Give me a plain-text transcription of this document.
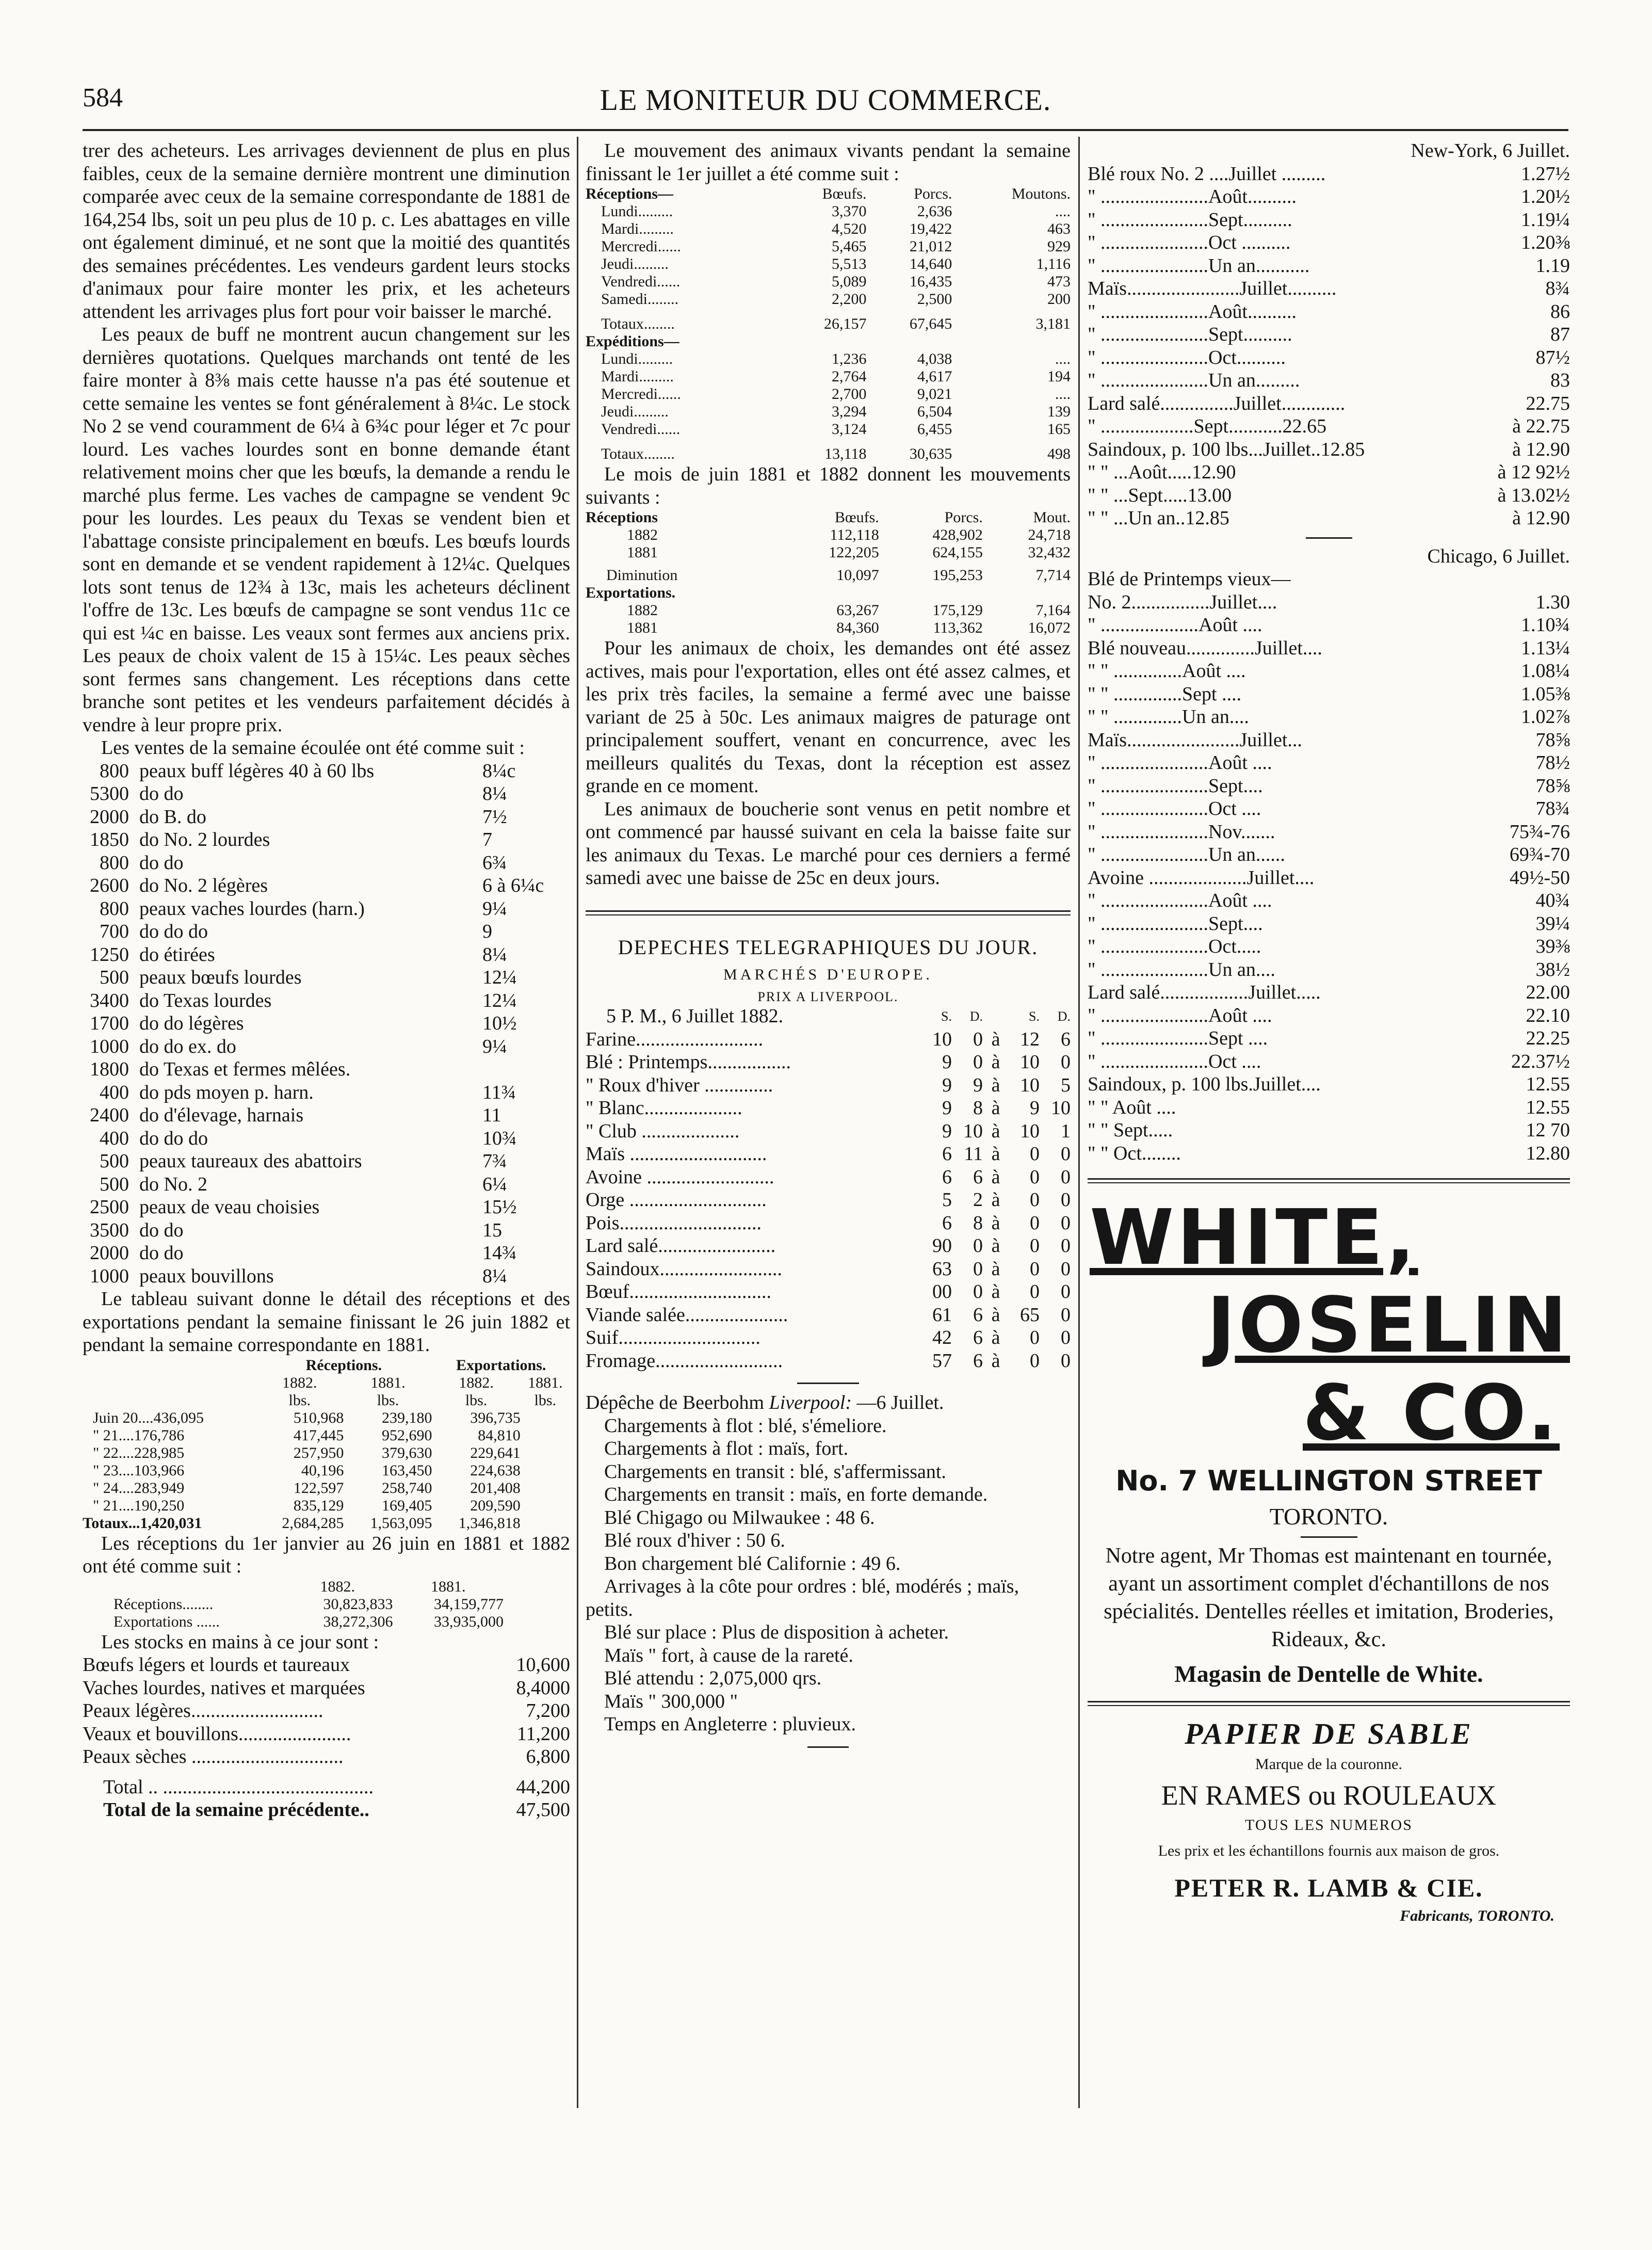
584	LE MONITEUR DU COMMERCE.

trer des acheteurs. Les arrivages deviennent de plus en plus faibles, ceux de la semaine dernière montrent une diminution comparée avec ceux de la semaine correspondante de 1881 de 164,254 lbs, soit un peu plus de 10 p. c. Les abattages en ville ont également diminué, et ne sont que la moitié des quantités des semaines précédentes. Les vendeurs gardent leurs stocks d'animaux pour faire monter les prix, et les acheteurs attendent les arrivages plus fort pour voir baisser le marché.

Les peaux de buff ne montrent aucun changement sur les dernières quotations. Quelques marchands ont tenté de les faire monter à 8⅜ mais cette hausse n'a pas été soutenue et cette semaine les ventes se font généralement à 8¼c. Le stock No 2 se vend couramment de 6¼ à 6¾c pour léger et 7c pour lourd. Les vaches lourdes sont en bonne demande étant relativement moins cher que les bœufs, la demande a rendu le marché plus ferme. Les vaches de campagne se vendent 9c pour les lourdes. Les peaux du Texas se vendent bien et l'abattage consiste principalement en bœufs. Les bœufs lourds sont en demande et se vendent rapidement à 12¼c. Quelques lots sont tenus de 12¾ à 13c, mais les acheteurs déclinent l'offre de 13c. Les bœufs de campagne se sont vendus 11c ce qui est ¼c en baisse. Les veaux sont fermes aux anciens prix. Les peaux de choix valent de 15 à 15¼c. Les peaux sèches sont fermes sans changement. Les réceptions dans cette branche sont petites et les vendeurs parfaitement décidés à vendre à leur propre prix.

Les ventes de la semaine écoulée ont été comme suit :

800	peaux buff légères 40 à 60 lbs	8¼c
5300	do do	8¼
2000	do B. do	7½
1850	do No. 2 lourdes	7
800	do do	6¾
2600	do No. 2 légères	6 à 6¼c
800	peaux vaches lourdes (harn.)	9¼
700	do do do	9
1250	do étirées	8¼
500	peaux bœufs lourdes	12¼
3400	do Texas lourdes	12¼
1700	do do légères	10½
1000	do do ex. do	9¼
1800	do Texas et fermes mêlées.	
400	do pds moyen p. harn.	11¾
2400	do d'élevage, harnais	11
400	do do do	10¾
500	peaux taureaux des abattoirs	7¾
500	do No. 2	6¼
2500	peaux de veau choisies	15½
3500	do do	15
2000	do do	14¾
1000	peaux bouvillons	8¼

Le tableau suivant donne le détail des réceptions et des exportations pendant la semaine finissant le 26 juin 1882 et pendant la semaine correspondante en 1881.

	Réceptions.		Exportations.	
	1882.	1881.	1882.	1881.
	lbs.	lbs.	lbs.	lbs.
Juin 20....436,095	510,968	239,180	396,735	
" 21....176,786	417,445	952,690	84,810	
" 22....228,985	257,950	379,630	229,641	
" 23....103,966	40,196	163,450	224,638	
" 24....283,949	122,597	258,740	201,408	
" 21....190,250	835,129	169,405	209,590	
Totaux...1,420,031	2,684,285	1,563,095	1,346,818	

Les réceptions du 1er janvier au 26 juin en 1881 et 1882 ont été comme suit :

	1882.	1881.
Réceptions........	30,823,833	34,159,777
Exportations ......	38,272,306	33,935,000

Les stocks en mains à ce jour sont :

Bœufs légers et lourds et taureaux	10,600
Vaches lourdes, natives et marquées	8,4000
Peaux légères...........................	7,200
Veaux et bouvillons.......................	11,200
Peaux sèches ...............................	6,800
Total .. ...........................................	44,200
Total de la semaine précédente..	47,500

Le mouvement des animaux vivants pendant la semaine finissant le 1er juillet a été comme suit :

Réceptions—	Bœufs.	Porcs.	Moutons.
Lundi.........	3,370	2,636	....
Mardi.........	4,520	19,422	463
Mercredi......	5,465	21,012	929
Jeudi.........	5,513	14,640	1,116
Vendredi......	5,089	16,435	473
Samedi........	2,200	2,500	200
Totaux........	26,157	67,645	3,181
Expéditions—			
Lundi.........	1,236	4,038	....
Mardi.........	2,764	4,617	194
Mercredi......	2,700	9,021	....
Jeudi.........	3,294	6,504	139
Vendredi......	3,124	6,455	165
Totaux........	13,118	30,635	498

Le mois de juin 1881 et 1882 donnent les mouvements suivants :

Réceptions	Bœufs.	Porcs.	Mout.
1882	112,118	428,902	24,718
1881	122,205	624,155	32,432
Diminution	10,097	195,253	7,714
Exportations.			
1882	63,267	175,129	7,164
1881	84,360	113,362	16,072

Pour les animaux de choix, les demandes ont été assez actives, mais pour l'exportation, elles ont été assez calmes, et les prix très faciles, la semaine a fermé avec une baisse variant de 25 à 50c. Les animaux maigres de paturage ont principalement souffert, venant en concurrence, avec les meilleurs qualités du Texas, dont la réception est assez grande en ce moment.

Les animaux de boucherie sont venus en petit nombre et ont commencé par haussé suivant en cela la baisse faite sur les animaux du Texas. Le marché pour ces derniers a fermé samedi avec une baisse de 25c en deux jours.

DEPECHES TELEGRAPHIQUES DU JOUR.
MARCHÉS D'EUROPE.
PRIX A LIVERPOOL.
5 P. M., 6 Juillet 1882.	S.	D.		S.	D.
Farine..........................	10	0	à	12	6
Blé : Printemps.................	9	0	à	10	0
" Roux d'hiver ..............	9	9	à	10	5
" Blanc....................	9	8	à	9	10
" Club ....................	9	10	à	10	1
Maïs ............................	6	11	à	0	0
Avoine ..........................	6	6	à	0	0
Orge ............................	5	2	à	0	0
Pois.............................	6	8	à	0	0
Lard salé........................	90	0	à	0	0
Saindoux.........................	63	0	à	0	0
Bœuf.............................	00	0	à	0	0
Viande salée.....................	61	6	à	65	0
Suif.............................	42	6	à	0	0
Fromage..........................	57	6	à	0	0

Dépêche de Beerbohm Liverpool: —6 Juillet.

Chargements à flot : blé, s'émeliore.

Chargements à flot : maïs, fort.

Chargements en transit : blé, s'affermissant.

Chargements en transit : maïs, en forte demande.

Blé Chigago ou Milwaukee : 48 6.

Blé roux d'hiver : 50 6.

Bon chargement blé Californie : 49 6.

Arrivages à la côte pour ordres : blé, modérés ; maïs, petits.

Blé sur place : Plus de disposition à acheter.

Maïs " fort, à cause de la rareté.

Blé attendu : 2,075,000 qrs.

Maïs " 300,000 "

Temps en Angleterre : pluvieux.

New-York, 6 Juillet.
Blé roux No. 2 ....Juillet .........	1.27½
" ......................Août..........	1.20½
" ......................Sept..........	1.19¼
" ......................Oct ..........	1.20⅜
" ......................Un an...........	1.19
Maïs.......................Juillet..........	8¾
" ......................Août..........	86
" ......................Sept..........	87
" ......................Oct..........	87½
" ......................Un an.........	83
Lard salé...............Juillet.............	22.75
" ...................Sept...........22.65	à 22.75
Saindoux, p. 100 lbs...Juillet..12.85	à 12.90
" " ...Août.....12.90	à 12 92½
" " ...Sept.....13.00	à 13.02½
" " ...Un an..12.85	à 12.90
Chicago, 6 Juillet.
Blé de Printemps vieux—	
No. 2................Juillet....	1.30
" ....................Août ....	1.10¾
Blé nouveau..............Juillet....	1.13¼
" " ..............Août ....	1.08¼
" " ..............Sept ....	1.05⅜
" " ..............Un an....	1.02⅞
Maïs.......................Juillet...	78⅝
" ......................Août ....	78½
" ......................Sept....	78⅝
" ......................Oct ....	78¾
" ......................Nov.......	75¾-76
" ......................Un an......	69¾-70
Avoine ....................Juillet....	49½-50
" ......................Août ....	40¾
" ......................Sept....	39¼
" ......................Oct.....	39⅜
" ......................Un an....	38½
Lard salé..................Juillet.....	22.00
" ......................Août ....	22.10
" ......................Sept ....	22.25
" ......................Oct ....	22.37½
Saindoux, p. 100 lbs.Juillet....	12.55
" " Août ....	12.55
" " Sept.....	12 70
" " Oct........	12.80
WHITE,
JOSELIN
& CO.
No. 7 WELLINGTON STREET
TORONTO.

Notre agent, Mr Thomas est maintenant en tournée, ayant un assortiment complet d'échantillons de nos spécialités. Dentelles réelles et imitation, Broderies, Rideaux, &c.

Magasin de Dentelle de White.
PAPIER DE SABLE
Marque de la couronne.
EN RAMES ou ROULEAUX
TOUS LES NUMEROS
Les prix et les échantillons fournis aux maison de gros.
PETER R. LAMB & CIE.
Fabricants, TORONTO.
